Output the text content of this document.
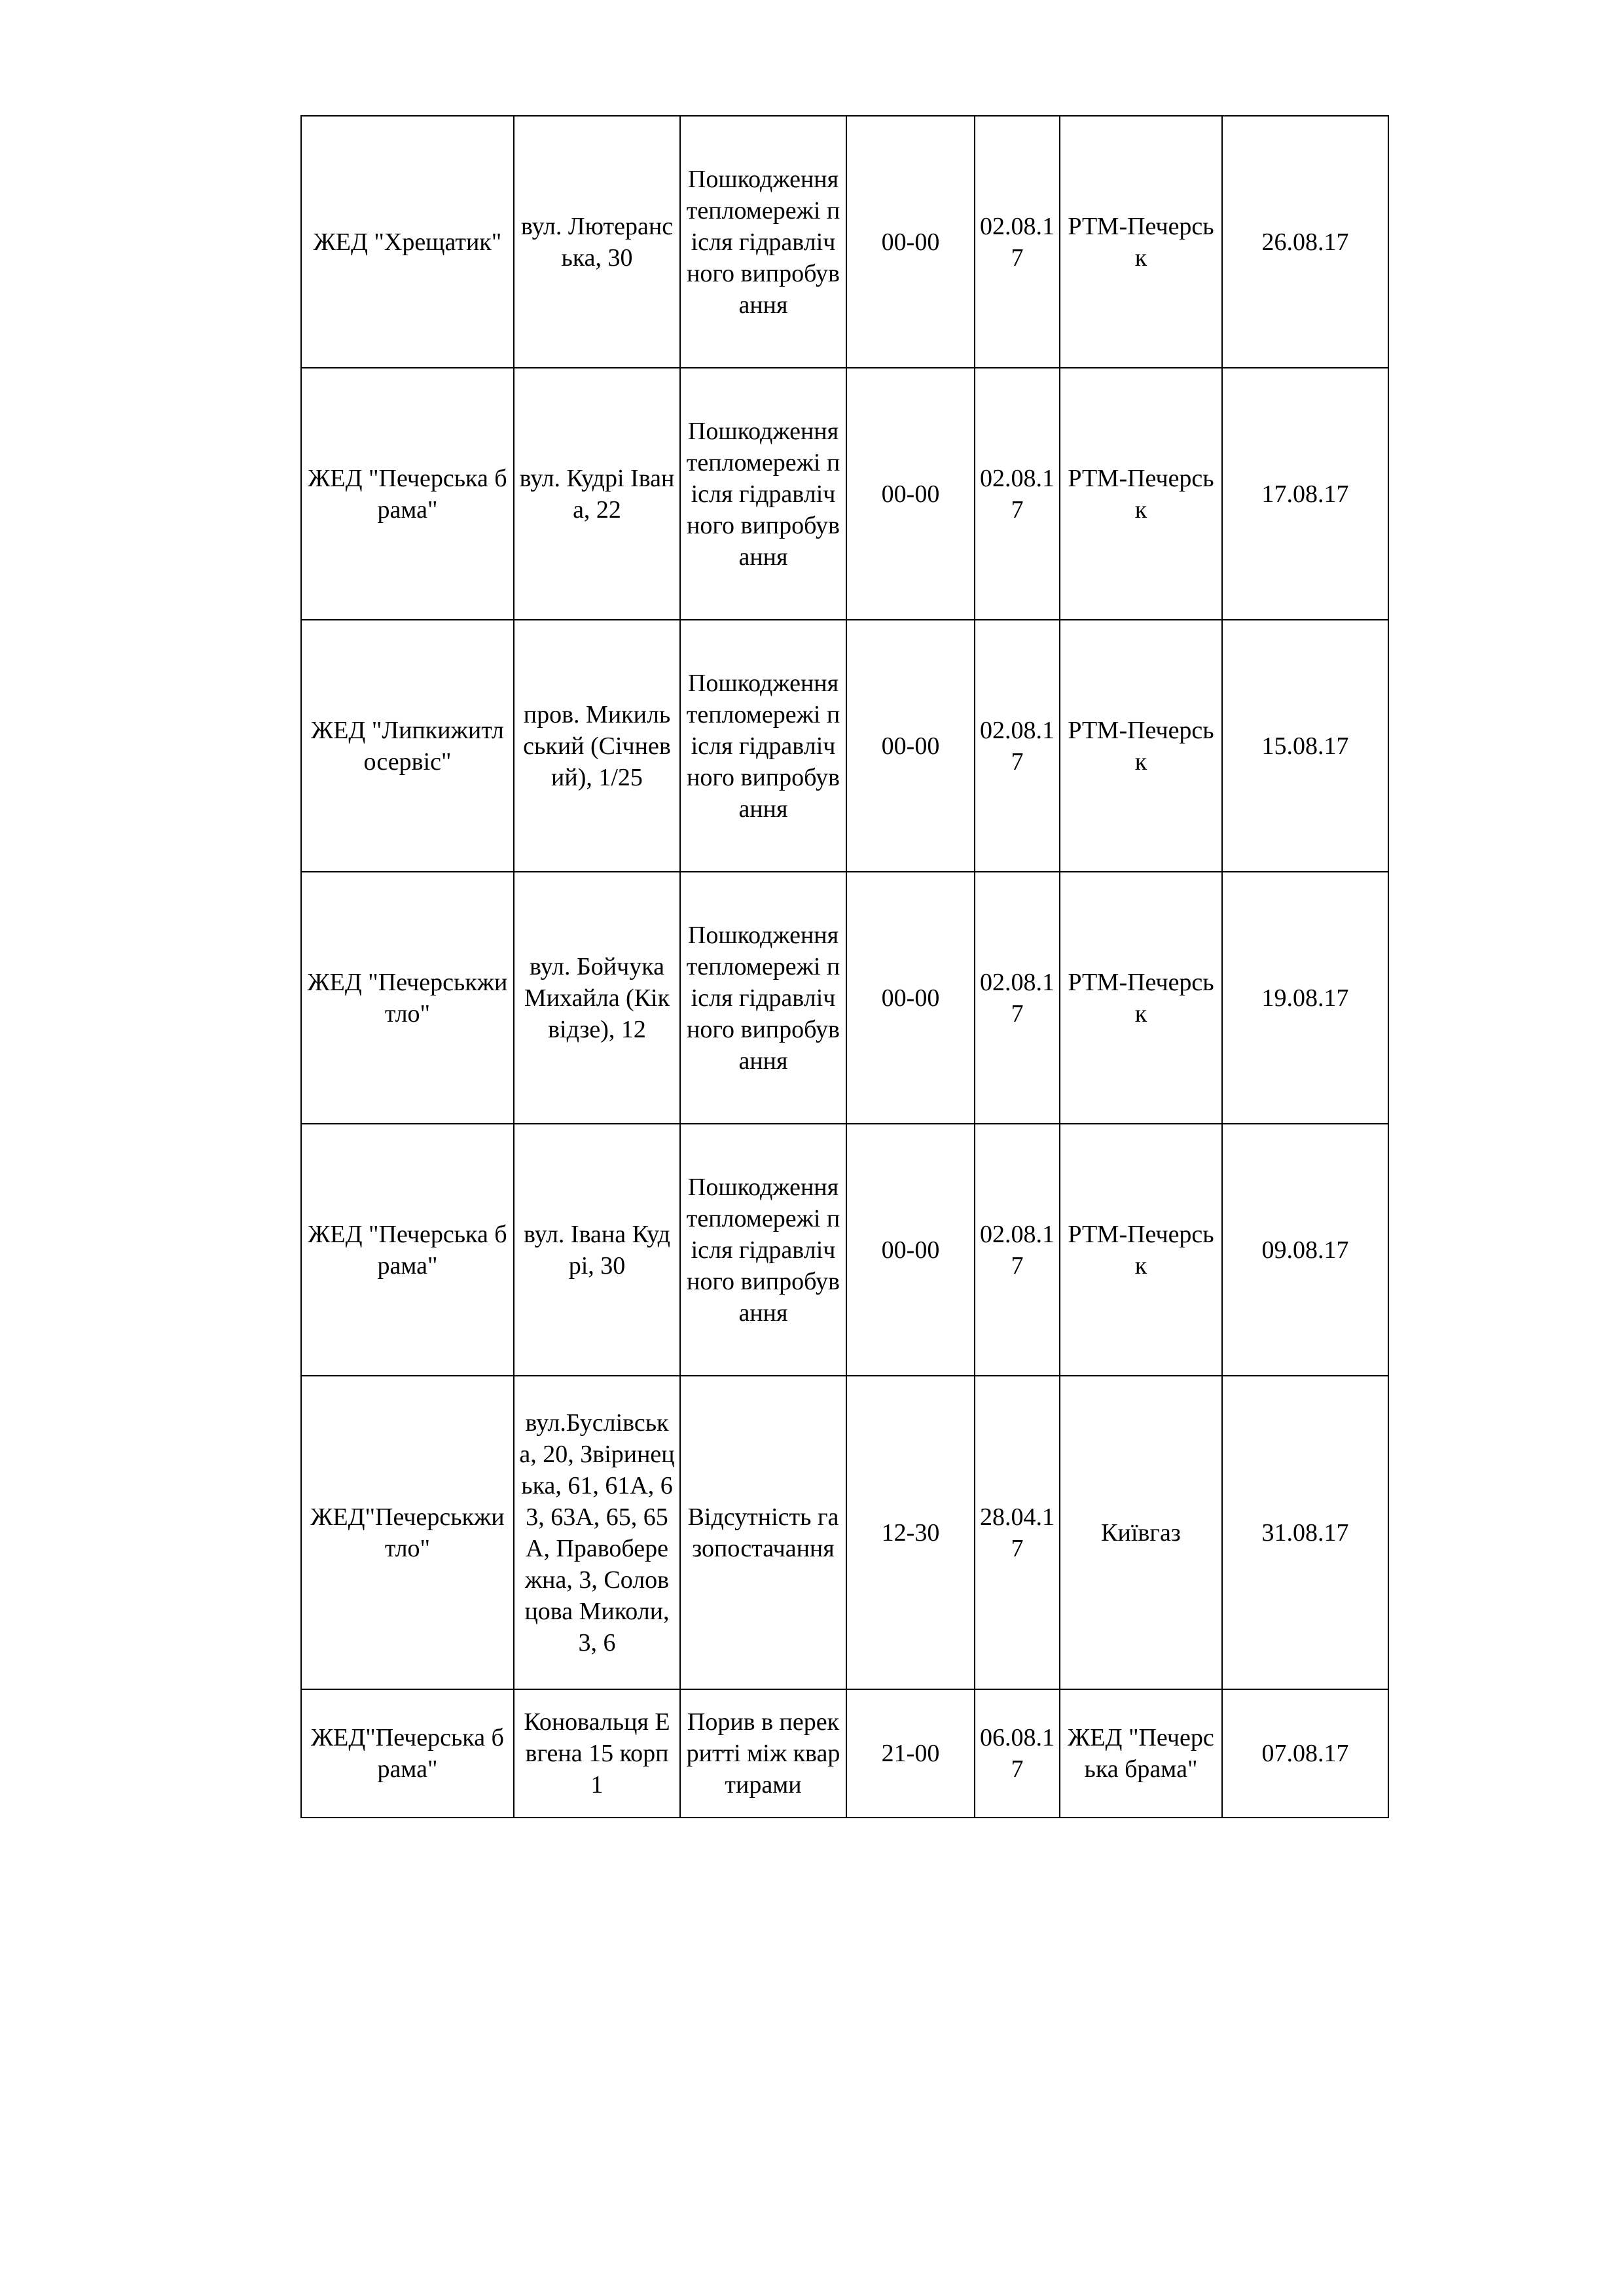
ЖЕД "Хрещатик"	вул. Лютеранська, 30	Пошкодження тепломережі після гідравлічного випробування	00-00	02.08.17	РТМ-Печерськ	26.08.17

ЖЕД "Печерська брама"	вул. Кудрі Івана, 22	Пошкодження тепломережі після гідравлічного випробування	00-00	02.08.17	РТМ-Печерськ	17.08.17

ЖЕД "Липкижитлосервіс"	пров. Микильський (Січневий), 1/25	Пошкодження тепломережі після гідравлічного випробування	00-00	02.08.17	РТМ-Печерськ	15.08.17

ЖЕД "Печерськжитло"	вул. Бойчука Михайла (Кіквідзе), 12	Пошкодження тепломережі після гідравлічного випробування	00-00	02.08.17	РТМ-Печерськ	19.08.17

ЖЕД "Печерська брама"	вул. Івана Кудрі, 30	Пошкодження тепломережі після гідравлічного випробування	00-00	02.08.17	РТМ-Печерськ	09.08.17

ЖЕД"Печерськжитло"	вул.Буслівська, 20, Звіринецька, 61, 61А, 63, 63А, 65, 65А, Правобережна, 3, Соловцова Миколи, 3, 6	Відсутність газопостачання	12-30	28.04.17	Київгаз	31.08.17

ЖЕД"Печерська брама"	Коновальця Евгена 15 корп 1	Порив в перекритті між квартирами	21-00	06.08.17	ЖЕД "Печерська брама"	07.08.17
